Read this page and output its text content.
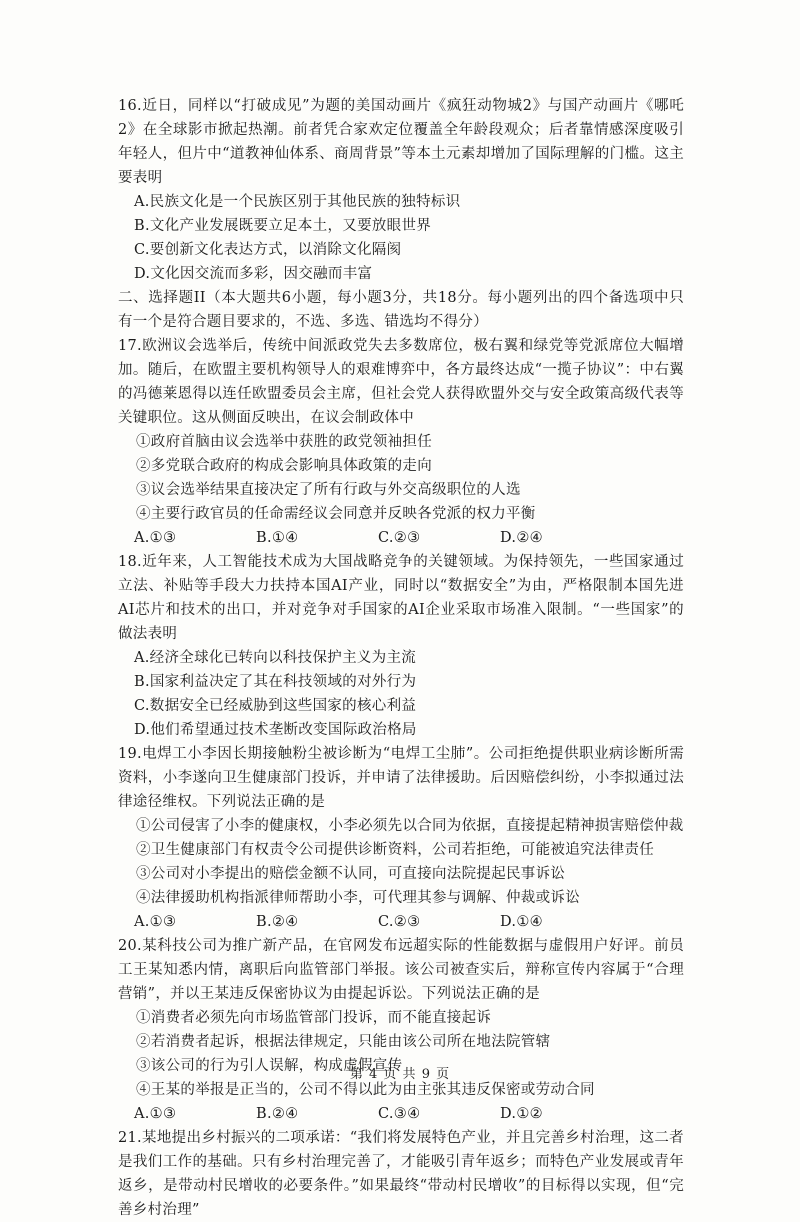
16.近日，同样以“打破成见”为题的美国动画片《疯狂动物城2》与国产动画片《哪吒2》在全球影市掀起热潮。前者凭合家欢定位覆盖全年龄段观众；后者靠情感深度吸引年轻人，但片中“道教神仙体系、商周背景”等本土元素却增加了国际理解的门槛。这主要表明

A.民族文化是一个民族区别于其他民族的独特标识

B.文化产业发展既要立足本土，又要放眼世界

C.要创新文化表达方式，以消除文化隔阂

D.文化因交流而多彩，因交融而丰富

二、选择题II（本大题共6小题，每小题3分，共18分。每小题列出的四个备选项中只有一个是符合题目要求的，不选、多选、错选均不得分）

17.欧洲议会选举后，传统中间派政党失去多数席位，极右翼和绿党等党派席位大幅增加。随后，在欧盟主要机构领导人的艰难博弈中，各方最终达成“一揽子协议”：中右翼的冯德莱恩得以连任欧盟委员会主席，但社会党人获得欧盟外交与安全政策高级代表等关键职位。这从侧面反映出，在议会制政体中

①政府首脑由议会选举中获胜的政党领袖担任

②多党联合政府的构成会影响具体政策的走向

③议会选举结果直接决定了所有行政与外交高级职位的人选

④主要行政官员的任命需经议会同意并反映各党派的权力平衡

A.①③	B.①④	C.②③	D.②④

18.近年来，人工智能技术成为大国战略竞争的关键领域。为保持领先，一些国家通过立法、补贴等手段大力扶持本国AI产业，同时以“数据安全”为由，严格限制本国先进AI芯片和技术的出口，并对竞争对手国家的AI企业采取市场准入限制。“一些国家”的做法表明

A.经济全球化已转向以科技保护主义为主流

B.国家利益决定了其在科技领域的对外行为

C.数据安全已经威胁到这些国家的核心利益

D.他们希望通过技术垄断改变国际政治格局

19.电焊工小李因长期接触粉尘被诊断为“电焊工尘肺”。公司拒绝提供职业病诊断所需资料，小李遂向卫生健康部门投诉，并申请了法律援助。后因赔偿纠纷，小李拟通过法律途径维权。下列说法正确的是

①公司侵害了小李的健康权，小李必须先以合同为依据，直接提起精神损害赔偿仲裁

②卫生健康部门有权责令公司提供诊断资料，公司若拒绝，可能被追究法律责任

③公司对小李提出的赔偿金额不认同，可直接向法院提起民事诉讼

④法律援助机构指派律师帮助小李，可代理其参与调解、仲裁或诉讼

A.①③	B.②④	C.②③	D.①④

20.某科技公司为推广新产品，在官网发布远超实际的性能数据与虚假用户好评。前员工王某知悉内情，离职后向监管部门举报。该公司被查实后，辩称宣传内容属于“合理营销”，并以王某违反保密协议为由提起诉讼。下列说法正确的是

①消费者必须先向市场监管部门投诉，而不能直接起诉

②若消费者起诉，根据法律规定，只能由该公司所在地法院管辖

③该公司的行为引人误解，构成虚假宣传

④王某的举报是正当的，公司不得以此为由主张其违反保密或劳动合同

A.①③	B.②④	C.③④	D.①②

21.某地提出乡村振兴的二项承诺：“我们将发展特色产业，并且完善乡村治理，这二者是我们工作的基础。只有乡村治理完善了，才能吸引青年返乡；而特色产业发展或青年返乡，是带动村民增收的必要条件。”如果最终“带动村民增收”的目标得以实现，但“完善乡村治理”

第 4 页 共 9 页
